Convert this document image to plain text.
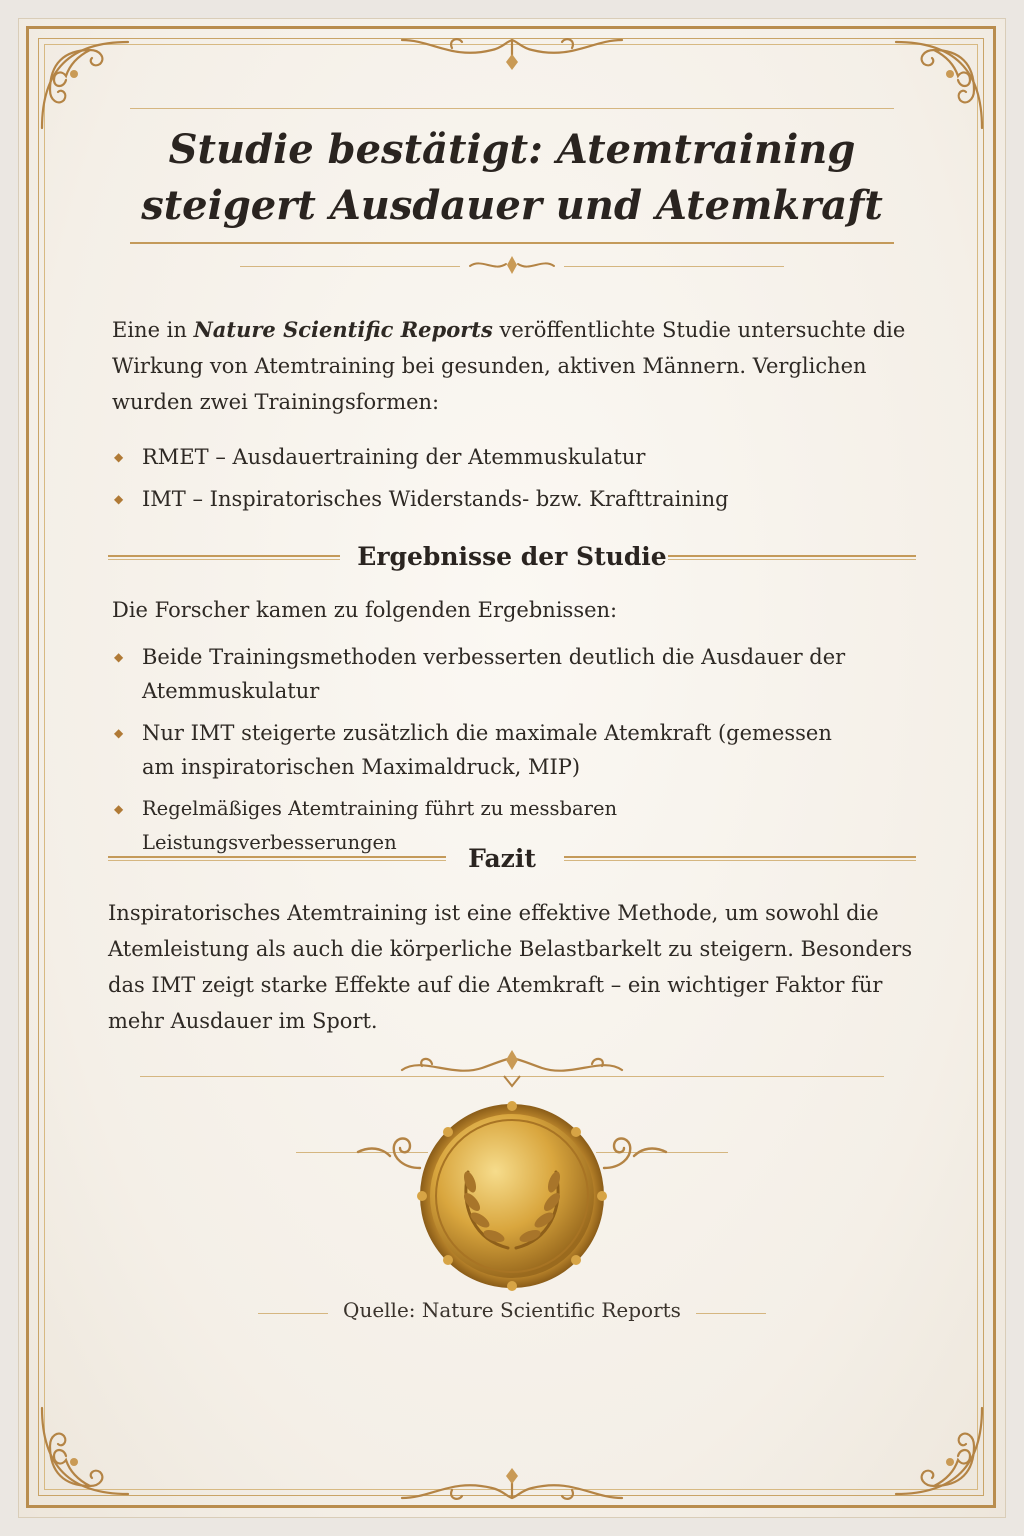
Studie bestätigt: Atemtraining steigert Ausdauer und Atemkraft
Eine in Nature Scientific Reports veröffentlichte Studie untersuchte die Wirkung von Atemtraining bei gesunden, aktiven Männern. Verglichen wurden zwei Trainingsformen:
◆ RMET – Ausdauertraining der Atemmuskulatur
◆ IMT – Inspiratorisches Widerstands- bzw. Krafttraining
Ergebnisse der Studie
Die Forscher kamen zu folgenden Ergebnissen:
◆ Beide Trainingsmethoden verbesserten deutlich die Ausdauer der Atemmuskulatur
◆ Nur IMT steigerte zusätzlich die maximale Atemkraft (gemessen am inspiratorischen Maximaldruck, MIP)
◆ Regelmäßiges Atemtraining führt zu messbaren Leistungsverbesserungen
Fazit
Inspiratorisches Atemtraining ist eine effektive Methode, um sowohl die Atemleistung als auch die körperliche Belastbarkelt zu steigern. Besonders das IMT zeigt starke Effekte auf die Atemkraft – ein wichtiger Faktor für mehr Ausdauer im Sport.
Quelle: Nature Scientific Reports
